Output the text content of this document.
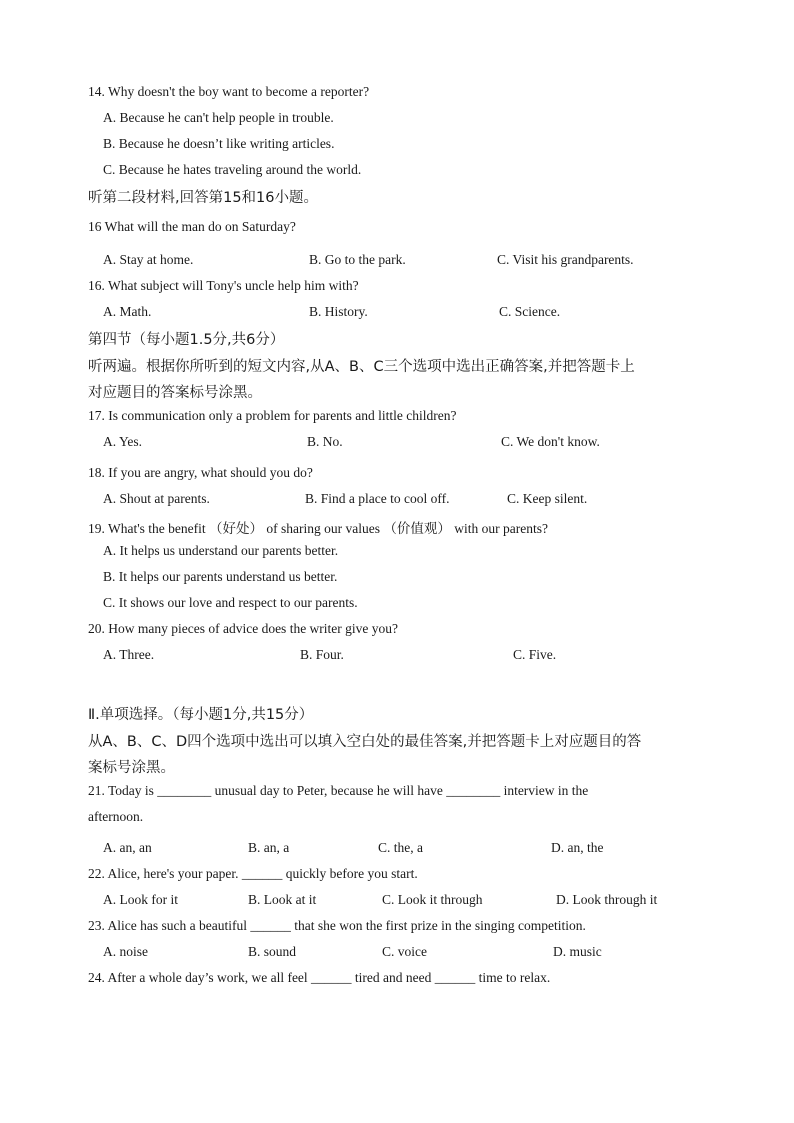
14. Why doesn't the boy want to become a reporter?
A. Because he can't help people in trouble.
B. Because he doesn’t like writing articles.
C. Because he hates traveling around the world.
听第二段材料,回答第15和16小题。
16 What will the man do on Saturday?
A. Stay at home.	B. Go to the park.	C. Visit his grandparents.
16. What subject will Tony's uncle help him with?
A. Math.	B. History.	C. Science.
第四节（每小题1.5分,共6分）
听两遍。根据你所听到的短文内容,从A、B、C三个选项中选出正确答案,并把答题卡上
对应题目的答案标号涂黑。
17. Is communication only a problem for parents and little children?
A. Yes.	B. No.	C. We don't know.
18. If you are angry, what should you do?
A. Shout at parents.	B. Find a place to cool off.	C. Keep silent.
19. What's the benefit （好处） of sharing our values （价值观） with our parents?
A. It helps us understand our parents better.
B. It helps our parents understand us better.
C. It shows our love and respect to our parents.
20. How many pieces of advice does the writer give you?
A. Three.	B. Four.	C. Five.
Ⅱ.单项选择。（每小题1分,共15分）
从A、B、C、D四个选项中选出可以填入空白处的最佳答案,并把答题卡上对应题目的答
案标号涂黑。
21. Today is ________ unusual day to Peter, because he will have ________ interview in the
afternoon.
A. an, an	B. an, a	C. the, a	D. an, the
22. Alice, here's your paper. ______ quickly before you start.
A. Look for it	B. Look at it	C. Look it through	D. Look through it
23. Alice has such a beautiful ______ that she won the first prize in the singing competition.
A. noise	B. sound	C. voice	D. music
24. After a whole day’s work, we all feel ______ tired and need ______ time to relax.
